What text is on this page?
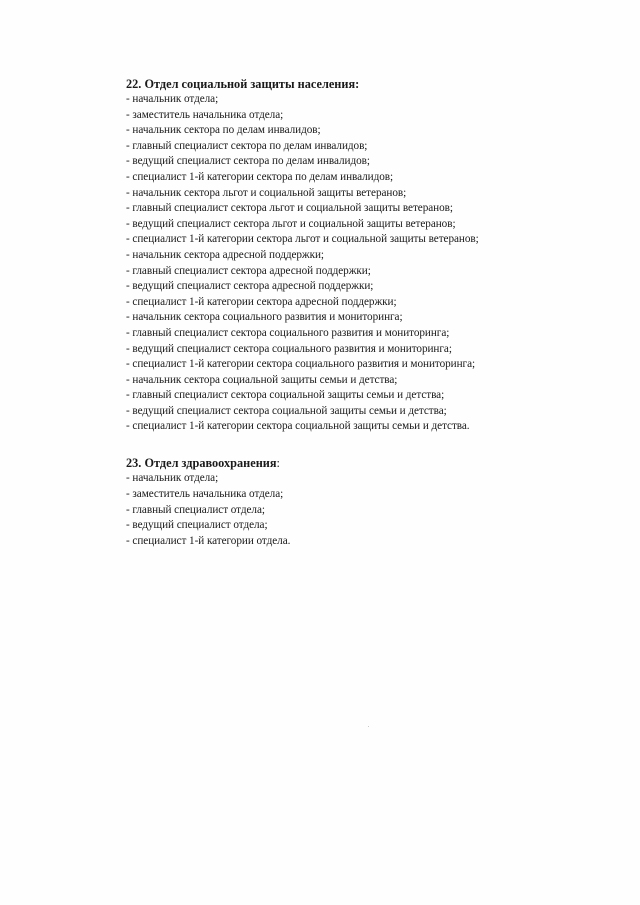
22. Отдел социальной защиты населения:
- начальник отдела;
- заместитель начальника отдела;
- начальник сектора по делам инвалидов;
- главный специалист сектора по делам инвалидов;
- ведущий специалист сектора по делам инвалидов;
- специалист 1-й категории сектора по делам инвалидов;
- начальник сектора льгот и социальной защиты ветеранов;
- главный специалист сектора льгот и социальной защиты ветеранов;
- ведущий специалист сектора льгот и социальной защиты ветеранов;
- специалист 1-й категории сектора льгот и социальной защиты ветеранов;
- начальник сектора адресной поддержки;
- главный специалист сектора адресной поддержки;
- ведущий специалист сектора адресной поддержки;
- специалист 1-й категории сектора адресной поддержки;
- начальник сектора социального развития и мониторинга;
- главный специалист сектора социального развития и мониторинга;
- ведущий специалист сектора социального развития и мониторинга;
- специалист 1-й категории сектора социального развития и мониторинга;
- начальник сектора социальной защиты семьи и детства;
- главный специалист сектора социальной защиты семьи и детства;
- ведущий специалист сектора социальной защиты семьи и детства;
- специалист 1-й категории сектора социальной защиты семьи и детства.
23. Отдел здравоохранения:
- начальник отдела;
- заместитель начальника отдела;
- главный специалист отдела;
- ведущий специалист отдела;
- специалист 1-й категории отдела.
